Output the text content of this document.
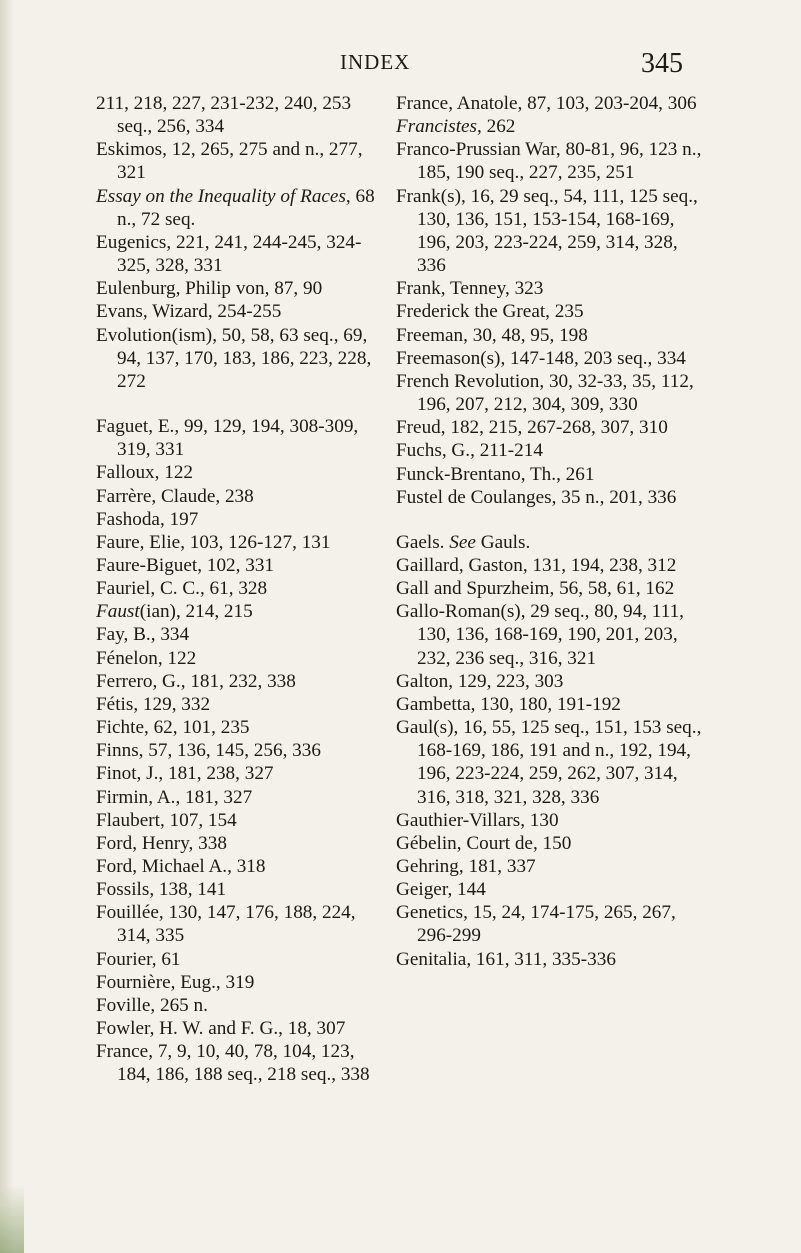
INDEX	345
211, 218, 227, 231-232, 240, 253 seq., 256, 334
Eskimos, 12, 265, 275 and n., 277, 321
Essay on the Inequality of Races, 68 n., 72 seq.
Eugenics, 221, 241, 244-245, 324-325, 328, 331
Eulenburg, Philip von, 87, 90
Evans, Wizard, 254-255
Evolution(ism), 50, 58, 63 seq., 69, 94, 137, 170, 183, 186, 223, 228, 272
Faguet, E., 99, 129, 194, 308-309, 319, 331
Falloux, 122
Farrère, Claude, 238
Fashoda, 197
Faure, Elie, 103, 126-127, 131
Faure-Biguet, 102, 331
Fauriel, C. C., 61, 328
Faust(ian), 214, 215
Fay, B., 334
Fénelon, 122
Ferrero, G., 181, 232, 338
Fétis, 129, 332
Fichte, 62, 101, 235
Finns, 57, 136, 145, 256, 336
Finot, J., 181, 238, 327
Firmin, A., 181, 327
Flaubert, 107, 154
Ford, Henry, 338
Ford, Michael A., 318
Fossils, 138, 141
Fouillée, 130, 147, 176, 188, 224, 314, 335
Fourier, 61
Fournière, Eug., 319
Foville, 265 n.
Fowler, H. W. and F. G., 18, 307
France, 7, 9, 10, 40, 78, 104, 123, 184, 186, 188 seq., 218 seq., 338
France, Anatole, 87, 103, 203-204, 306
Francistes, 262
Franco-Prussian War, 80-81, 96, 123 n., 185, 190 seq., 227, 235, 251
Frank(s), 16, 29 seq., 54, 111, 125 seq., 130, 136, 151, 153-154, 168-169, 196, 203, 223-224, 259, 314, 328, 336
Frank, Tenney, 323
Frederick the Great, 235
Freeman, 30, 48, 95, 198
Freemason(s), 147-148, 203 seq., 334
French Revolution, 30, 32-33, 35, 112, 196, 207, 212, 304, 309, 330
Freud, 182, 215, 267-268, 307, 310
Fuchs, G., 211-214
Funck-Brentano, Th., 261
Fustel de Coulanges, 35 n., 201, 336
Gaels. See Gauls.
Gaillard, Gaston, 131, 194, 238, 312
Gall and Spurzheim, 56, 58, 61, 162
Gallo-Roman(s), 29 seq., 80, 94, 111, 130, 136, 168-169, 190, 201, 203, 232, 236 seq., 316, 321
Galton, 129, 223, 303
Gambetta, 130, 180, 191-192
Gaul(s), 16, 55, 125 seq., 151, 153 seq., 168-169, 186, 191 and n., 192, 194, 196, 223-224, 259, 262, 307, 314, 316, 318, 321, 328, 336
Gauthier-Villars, 130
Gébelin, Court de, 150
Gehring, 181, 337
Geiger, 144
Genetics, 15, 24, 174-175, 265, 267, 296-299
Genitalia, 161, 311, 335-336
